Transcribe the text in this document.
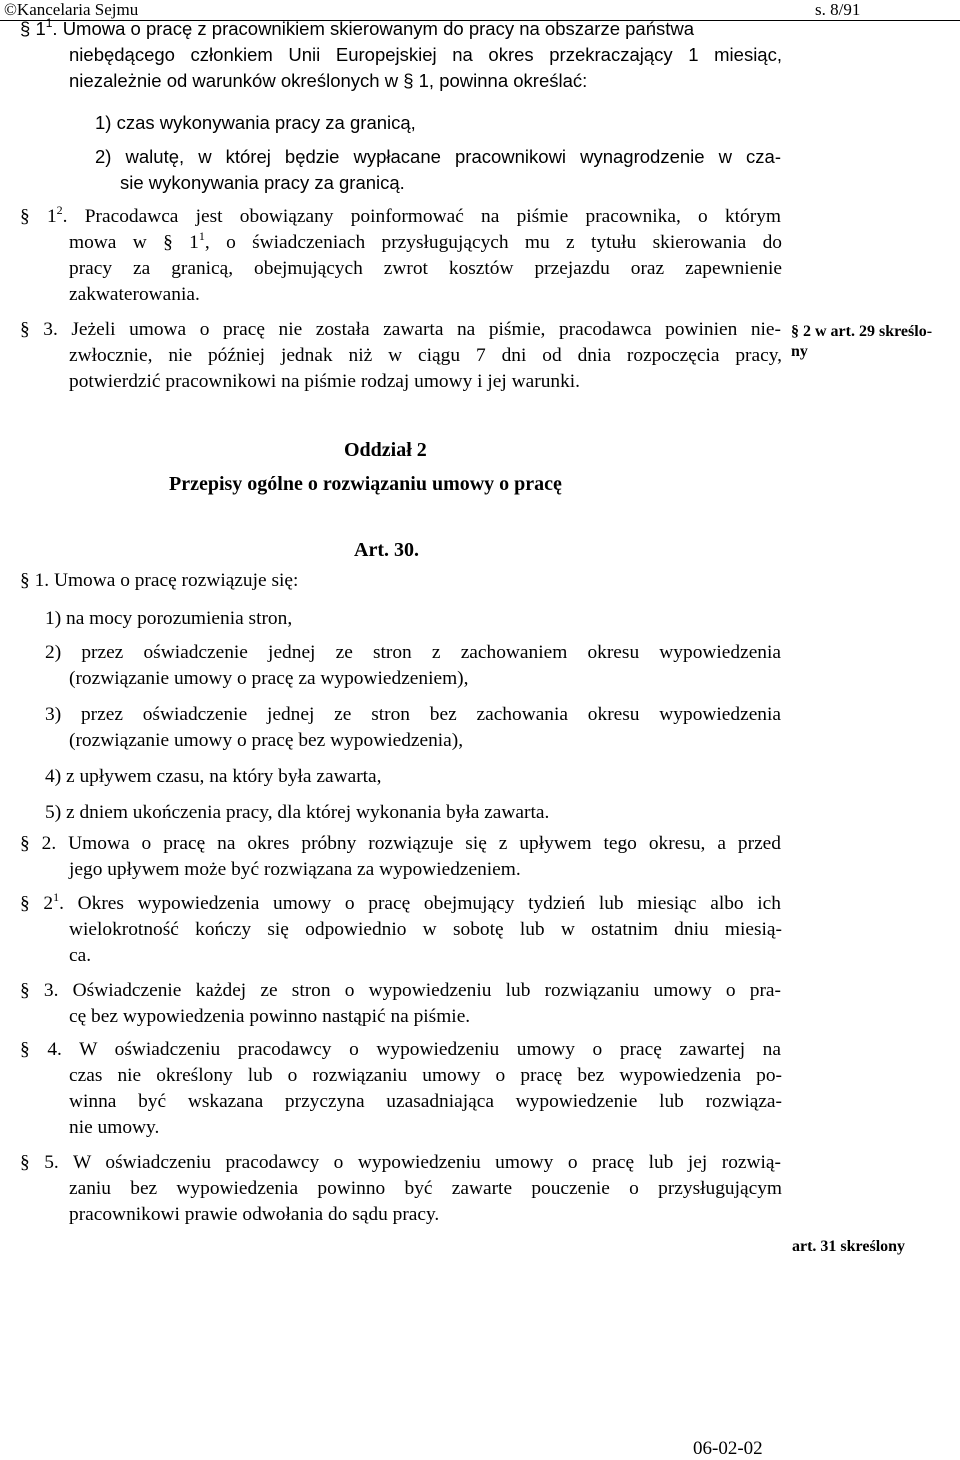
©Kancelaria Sejmu	s. 8/91
§ $1^1$. Umowa o pracę z pracownikiem skierowanym do pracy na obszarze państwa
niebędącego członkiem Unii Europejskiej na okres przekraczający 1 miesiąc,
niezależnie od warunków określonych w § 1, powinna określać:
1) czas wykonywania pracy za granicą,
2) walutę, w której będzie wypłacane pracownikowi wynagrodzenie w cza-
sie wykonywania pracy za granicą.
§ $1^2$. Pracodawca jest obowiązany poinformować na piśmie pracownika, o którym
mowa w § $1^1$, o świadczeniach przysługujących mu z tytułu skierowania do
pracy za granicą, obejmujących zwrot kosztów przejazdu oraz zapewnienie
zakwaterowania.
§ 3. Jeżeli umowa o pracę nie została zawarta na piśmie, pracodawca powinien nie-
zwłocznie, nie później jednak niż w ciągu 7 dni od dnia rozpoczęcia pracy,
potwierdzić pracownikowi na piśmie rodzaj umowy i jej warunki.
§ 2 w art. 29 skreślo-
ny
Oddział 2
Przepisy ogólne o rozwiązaniu umowy o pracę
Art. 30.
§ 1. Umowa o pracę rozwiązuje się:
1) na mocy porozumienia stron,
2) przez oświadczenie jednej ze stron z zachowaniem okresu wypowiedzenia
(rozwiązanie umowy o pracę za wypowiedzeniem),
3) przez oświadczenie jednej ze stron bez zachowania okresu wypowiedzenia
(rozwiązanie umowy o pracę bez wypowiedzenia),
4) z upływem czasu, na który była zawarta,
5) z dniem ukończenia pracy, dla której wykonania była zawarta.
§ 2. Umowa o pracę na okres próbny rozwiązuje się z upływem tego okresu, a przed
jego upływem może być rozwiązana za wypowiedzeniem.
§ $2^1$. Okres wypowiedzenia umowy o pracę obejmujący tydzień lub miesiąc albo ich
wielokrotność kończy się odpowiednio w sobotę lub w ostatnim dniu miesią-
ca.
§ 3. Oświadczenie każdej ze stron o wypowiedzeniu lub rozwiązaniu umowy o pra-
cę bez wypowiedzenia powinno nastąpić na piśmie.
§ 4. W oświadczeniu pracodawcy o wypowiedzeniu umowy o pracę zawartej na
czas nie określony lub o rozwiązaniu umowy o pracę bez wypowiedzenia po-
winna być wskazana przyczyna uzasadniająca wypowiedzenie lub rozwiąza-
nie umowy.
§ 5. W oświadczeniu pracodawcy o wypowiedzeniu umowy o pracę lub jej rozwią-
zaniu bez wypowiedzenia powinno być zawarte pouczenie o przysługującym
pracownikowi prawie odwołania do sądu pracy.
art. 31 skreślony
06-02-02
